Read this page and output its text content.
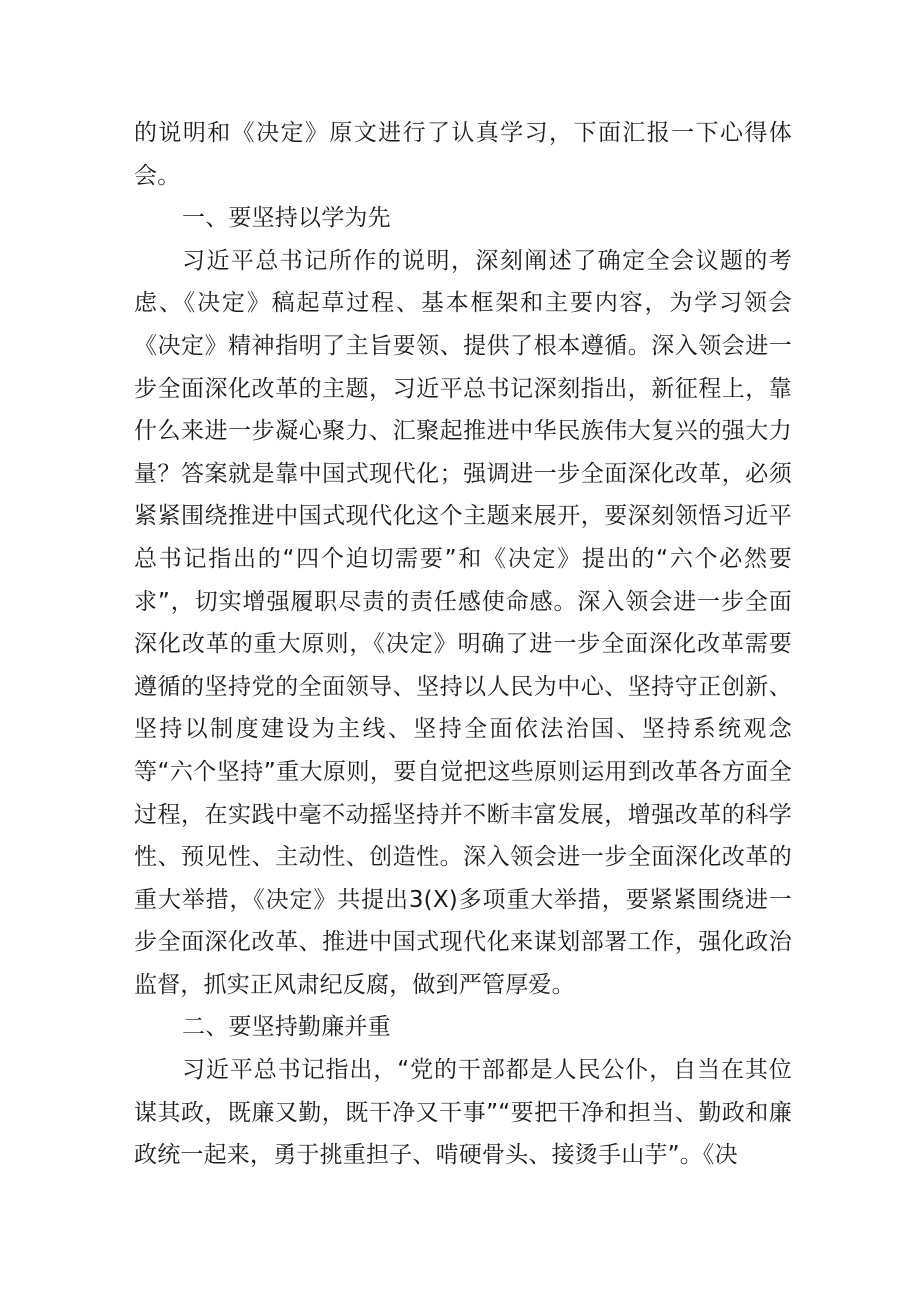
的说明和《决定》原文进行了认真学习，下面汇报一下心得体会。

一、要坚持以学为先

习近平总书记所作的说明，深刻阐述了确定全会议题的考虑、《决定》稿起草过程、基本框架和主要内容，为学习领会《决定》精神指明了主旨要领、提供了根本遵循。深入领会进一步全面深化改革的主题，习近平总书记深刻指出，新征程上，靠什么来进一步凝心聚力、汇聚起推进中华民族伟大复兴的强大力量？答案就是靠中国式现代化；强调进一步全面深化改革，必须紧紧围绕推进中国式现代化这个主题来展开，要深刻领悟习近平总书记指出的“四个迫切需要”和《决定》提出的“六个必然要求”，切实增强履职尽责的责任感使命感。深入领会进一步全面深化改革的重大原则，《决定》明确了进一步全面深化改革需要遵循的坚持党的全面领导、坚持以人民为中心、坚持守正创新、坚持以制度建设为主线、坚持全面依法治国、坚持系统观念等“六个坚持”重大原则，要自觉把这些原则运用到改革各方面全过程，在实践中毫不动摇坚持并不断丰富发展，增强改革的科学性、预见性、主动性、创造性。深入领会进一步全面深化改革的重大举措，《决定》共提出3(X)多项重大举措，要紧紧围绕进一步全面深化改革、推进中国式现代化来谋划部署工作，强化政治监督，抓实正风肃纪反腐，做到严管厚爱。

二、要坚持勤廉并重

习近平总书记指出，“党的干部都是人民公仆，自当在其位谋其政，既廉又勤，既干净又干事”“要把干净和担当、勤政和廉政统一起来，勇于挑重担子、啃硬骨头、接烫手山芋”。《决
